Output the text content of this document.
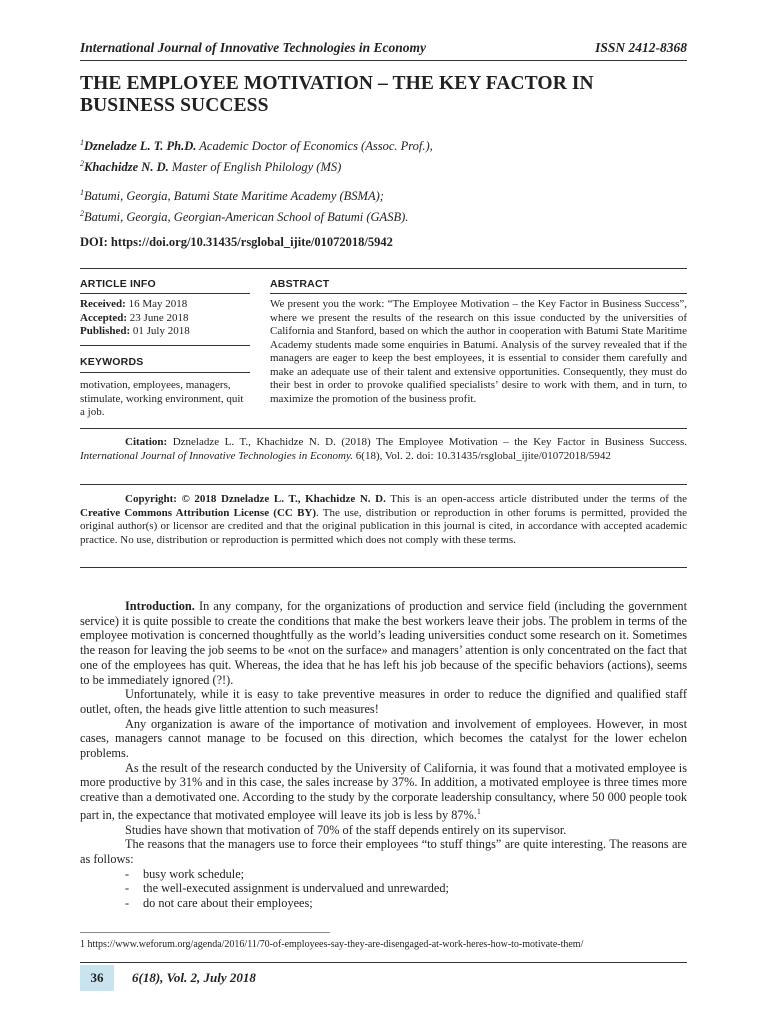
International Journal of Innovative Technologies in Economy	ISSN 2412-8368
THE EMPLOYEE MOTIVATION – THE KEY FACTOR IN BUSINESS SUCCESS
$^1$Dzneladze L. T. Ph.D. Academic Doctor of Economics (Assoc. Prof.),
$^2$Khachidze N. D. Master of English Philology (MS)
$^1$Batumi, Georgia, Batumi State Maritime Academy (BSMA);
$^2$Batumi, Georgia, Georgian-American School of Batumi (GASB).
DOI: https://doi.org/10.31435/rsglobal_ijite/01072018/5942
ARTICLE INFO	ABSTRACT
Received: 16 May 2018
Accepted: 23 June 2018
Published: 01 July 2018
KEYWORDS
motivation, employees, managers, stimulate, working environment, quit a job.
We present you the work: “The Employee Motivation – the Key Factor in Business Success”, where we present the results of the research on this issue conducted by the universities of California and Stanford, based on which the author in cooperation with Batumi State Maritime Academy students made some enquiries in Batumi. Analysis of the survey revealed that if the managers are eager to keep the best employees, it is essential to consider them carefully and make an adequate use of their talent and extensive opportunities. Consequently, they must do their best in order to provoke qualified specialists’ desire to work with them, and in turn, to maximize the promotion of the business profit.
Citation: Dzneladze L. T., Khachidze N. D. (2018) The Employee Motivation – the Key Factor in Business Success. International Journal of Innovative Technologies in Economy. 6(18), Vol. 2. doi: 10.31435/rsglobal_ijite/01072018/5942
Copyright: © 2018 Dzneladze L. T., Khachidze N. D. This is an open-access article distributed under the terms of the Creative Commons Attribution License (CC BY). The use, distribution or reproduction in other forums is permitted, provided the original author(s) or licensor are credited and that the original publication in this journal is cited, in accordance with accepted academic practice. No use, distribution or reproduction is permitted which does not comply with these terms.

Introduction. In any company, for the organizations of production and service field (including the government service) it is quite possible to create the conditions that make the best workers leave their jobs. The problem in terms of the employee motivation is concerned thoughtfully as the world’s leading universities conduct some research on it. Sometimes the reason for leaving the job seems to be «not on the surface» and managers’ attention is only concentrated on the fact that one of the employees has quit. Whereas, the idea that he has left his job because of the specific behaviors (actions), seems to be immediately ignored (?!).

Unfortunately, while it is easy to take preventive measures in order to reduce the dignified and qualified staff outlet, often, the heads give little attention to such measures!

Any organization is aware of the importance of motivation and involvement of employees. However, in most cases, managers cannot manage to be focused on this direction, which becomes the catalyst for the lower echelon problems.

As the result of the research conducted by the University of California, it was found that a motivated employee is more productive by 31% and in this case, the sales increase by 37%. In addition, a motivated employee is three times more creative than a demotivated one. According to the study by the corporate leadership consultancy, where 50 000 people took part in, the expectance that motivated employee will leave its job is less by 87%.$^1$

Studies have shown that motivation of 70% of the staff depends entirely on its supervisor.

The reasons that the managers use to force their employees “to stuff things” are quite interesting. The reasons are as follows:

- busy work schedule;
- the well-executed assignment is undervalued and unrewarded;
- do not care about their employees;
1 https://www.weforum.org/agenda/2016/11/70-of-employees-say-they-are-disengaged-at-work-heres-how-to-motivate-them/
36	6(18), Vol. 2, July 2018
